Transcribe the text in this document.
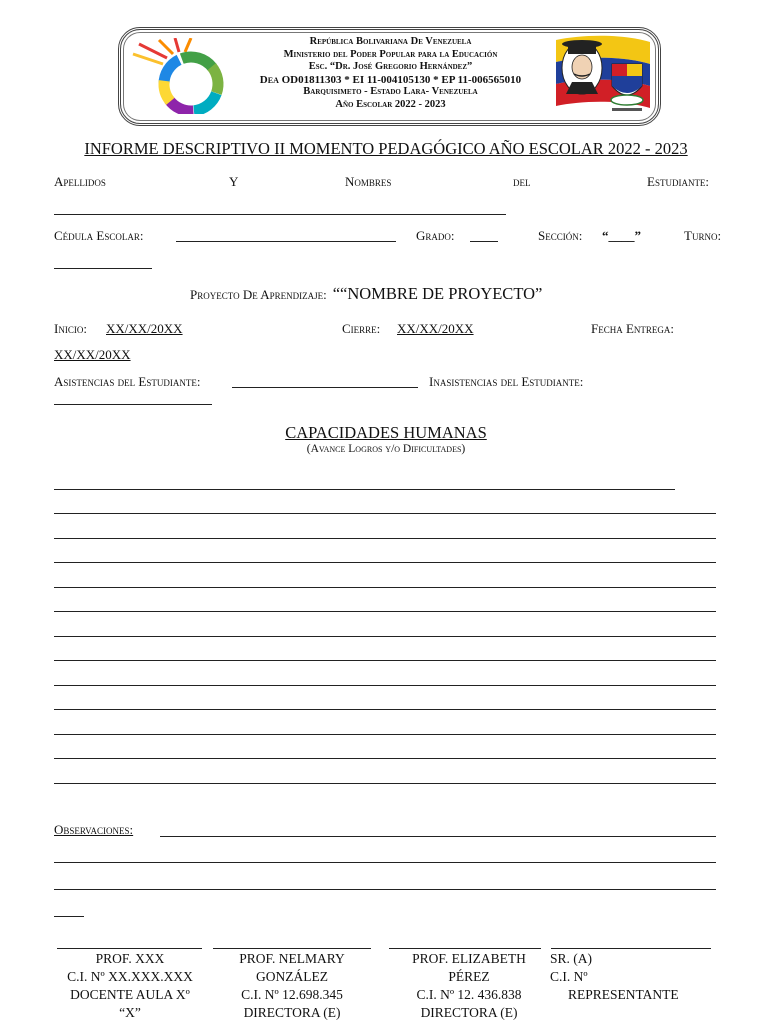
República Bolivariana De Venezuela
Ministerio del Poder Popular para la Educación
Esc. “Dr. José Gregorio Hernández”
Dea OD01811303 * EI 11-004105130 * EP 11-006565010
Barquisimeto - Estado Lara- Venezuela
Año Escolar 2022 - 2023
INFORME DESCRIPTIVO II MOMENTO PEDAGÓGICO AÑO ESCOLAR 2022 - 2023
Apellidos	Y	Nombres	del	Estudiante:
Cédula Escolar:	Grado:	Sección: “____”	Turno:
Proyecto De Aprendizaje: ““NOMBRE DE PROYECTO”
Inicio: XX/XX/20XX	Cierre: XX/XX/20XX	Fecha Entrega:
XX/XX/20XX
Asistencias del Estudiante:	Inasistencias del Estudiante:
CAPACIDADES HUMANAS
(Avance Logros y/o Dificultades)
Observaciones:
PROF. XXX
C.I. Nº XX.XXX.XXX
DOCENTE AULA Xº
“X”
PROF. NELMARY
GONZÁLEZ
C.I. Nº 12.698.345
DIRECTORA (E)
PROF. ELIZABETH
PÉREZ
C.I. Nº 12. 436.838
DIRECTORA (E)
SR. (A)
C.I. Nº
REPRESENTANTE
